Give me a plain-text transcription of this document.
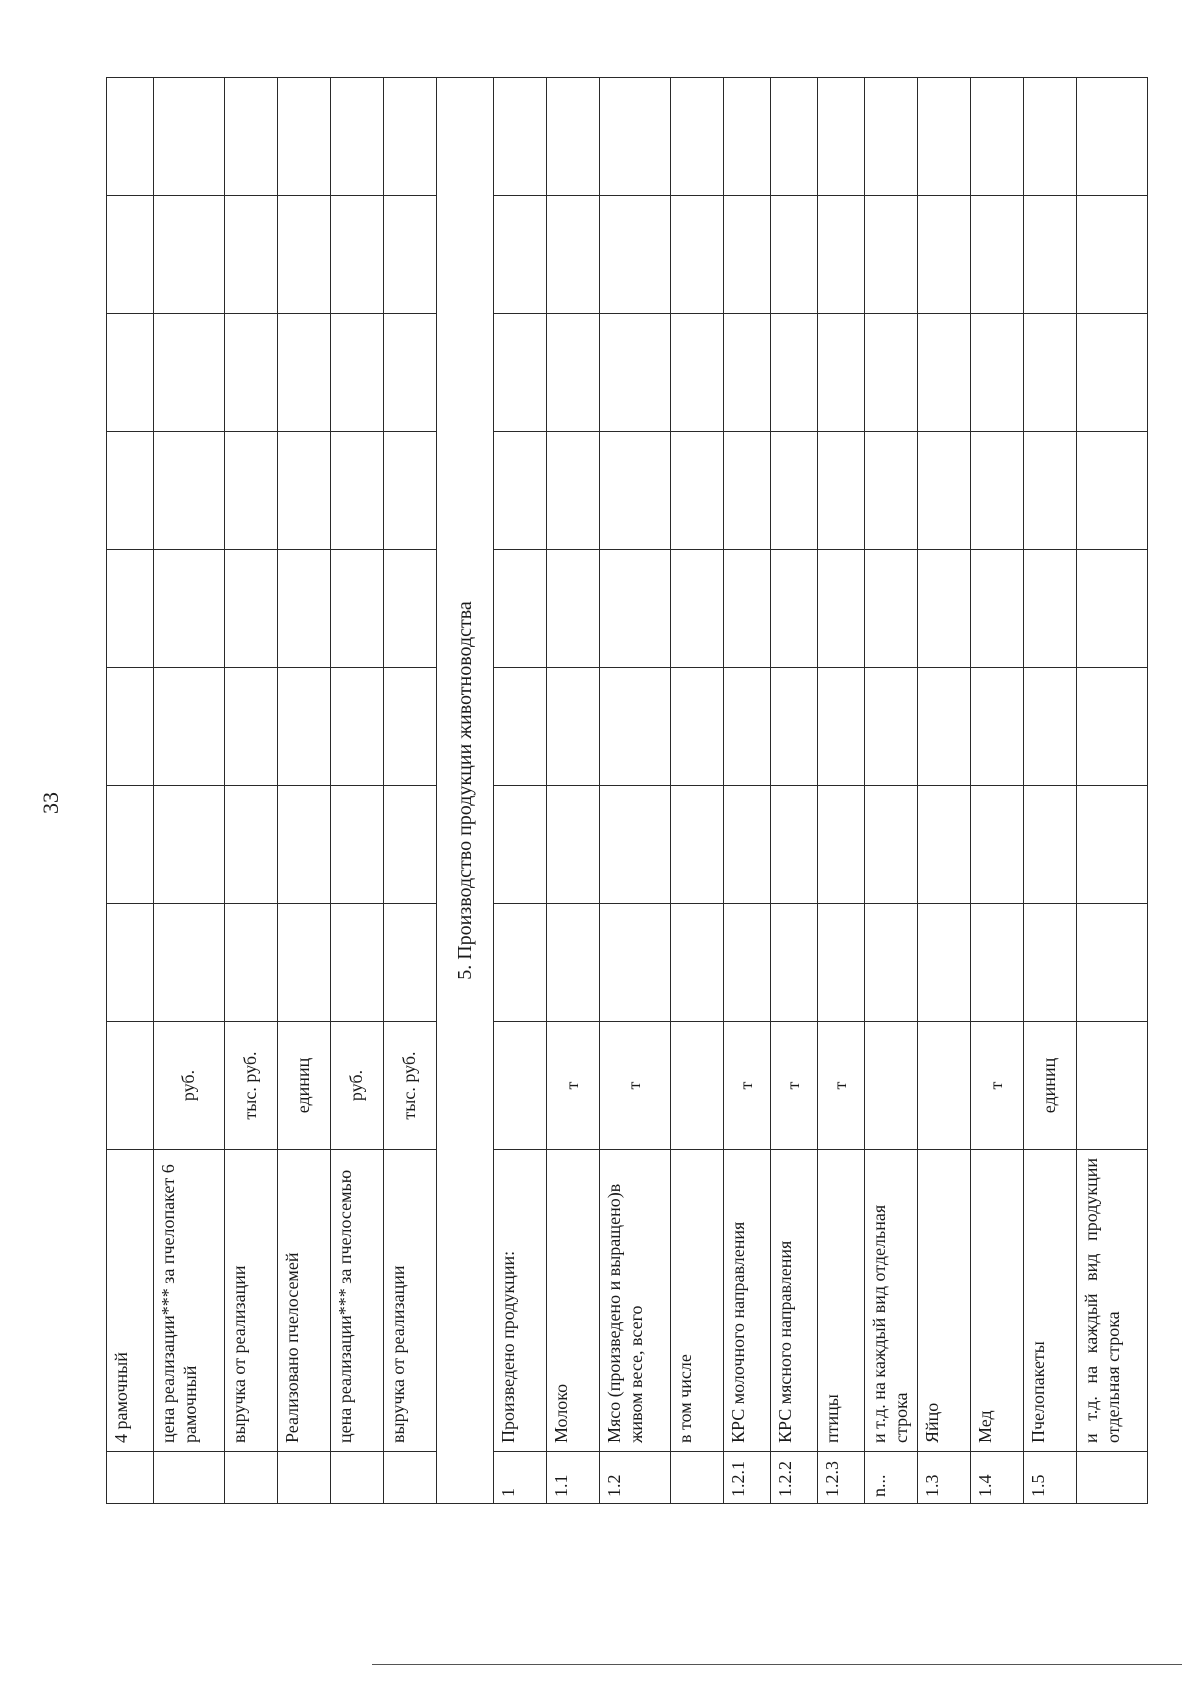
33
	4 рамочный									
	цена реализации*** за пчелопакет 6 рамочный	руб.								
	выручка от реализации	тыс. руб.								
	Реализовано пчелосемей	единиц								
	цена реализации*** за пчелосемью	руб.								
	выручка от реализации	тыс. руб.								
5. Производство продукции животноводства										
1	Произведено продукции:									
1.1	Молоко	т								
1.2	Мясо (произведено и выращено)в живом весе, всего	т								
	в том числе									
1.2.1	КРС молочного направления	т								
1.2.2	КРС мясного направления	т								
1.2.3	птицы	т								
n...	и т.д. на каждый вид отдельная строка									
1.3	Яйцо									
1.4	Мед	т								
1.5	Пчелопакеты	единиц								
	и т.д. на каждый вид продукции отдельная строка									
